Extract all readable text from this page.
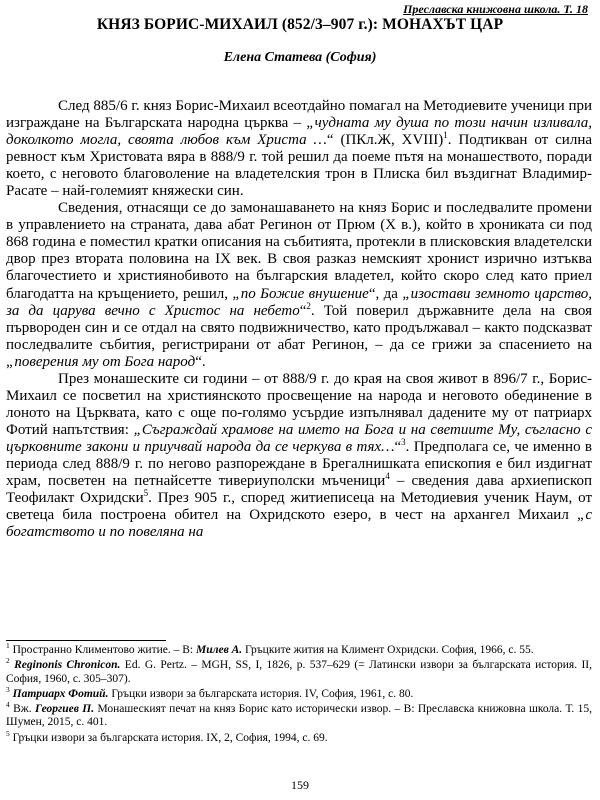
Преславска книжовна школа. Т. 18
КНЯЗ БОРИС-МИХАИЛ (852/3–907 г.): МОНАХЪТ ЦАР
Елена Статева (София)

След 885/6 г. княз Борис-Михаил всеотдайно помагал на Методиевите ученици при изграждане на Българската народна църква – „чудната му душа по този начин изливала, доколкото могла, своята любов към Христа …“ (ПКл.Ж, XVIII)$^1$. Подтикван от силна ревност към Христовата вяра в 888/9 г. той решил да поеме пътя на монашеството, поради което, с неговото благоволение на владетелския трон в Плиска бил въздигнат Владимир-Расате – най-големият княжески син.

Сведения, отнасящи се до замонашаването на княз Борис и последвалите промени в управлението на страната, дава абат Регинон от Прюм (X в.), който в хрониката си под 868 година е поместил кратки описания на събитията, протекли в плисковския владетелски двор през втората половина на IX век. В своя разказ немският хронист изрично изтъква благочестието и християнобивото на българския владетел, който скоро след като приел благодатта на кръщението, решил, „по Божие внушение“, да „изостави земното царство, за да царува вечно с Христос на небето“$^2$. Той поверил държавните дела на своя първороден син и се отдал на свято подвижничество, като продължавал – както подсказват последвалите събития, регистрирани от абат Регинон, – да се грижи за спасението на „поверения му от Бога народ“.

През монашеските си години – от 888/9 г. до края на своя живот в 896/7 г., Борис-Михаил се посветил на християнското просвещение на народа и неговото обединение в лоното на Църквата, като с още по-голямо усърдие изпълнявал дадените му от патриарх Фотий напътствия: „Съграждай храмове на името на Бога и на светиите Му, съгласно с църковните закони и приучвай народа да се черкува в тях…“$^3$. Предполага се, че именно в периода след 888/9 г. по негово разпореждане в Брегалнишката епископия е бил издигнат храм, посветен на петнайсетте тивериуполски мъченици$^4$ – сведения дава архиепископ Теофилакт Охридски$^5$. През 905 г., според житиеписеца на Методиевия ученик Наум, от светеца била построена обител на Охридското езеро, в чест на архангел Михаил „с богатството и по повеляна на

$^1$ Пространно Климентово житие. – В: Милев А. Гръцките жития на Климент Охридски. София, 1966, с. 55.

$^2$ Reginonis Chronicon. Ed. G. Pertz. – MGH, SS, I, 1826, p. 537–629 (= Латински извори за българската история. II, София, 1960, с. 305–307).

$^3$ Патриарх Фотий. Гръцки извори за българската история. IV, София, 1961, с. 80.

$^4$ Вж. Георгиев П. Монашеският печат на княз Борис като исторически извор. – В: Преславска книжовна школа. Т. 15, Шумен, 2015, с. 401.

$^5$ Гръцки извори за българската история. IX, 2, София, 1994, с. 69.

159
